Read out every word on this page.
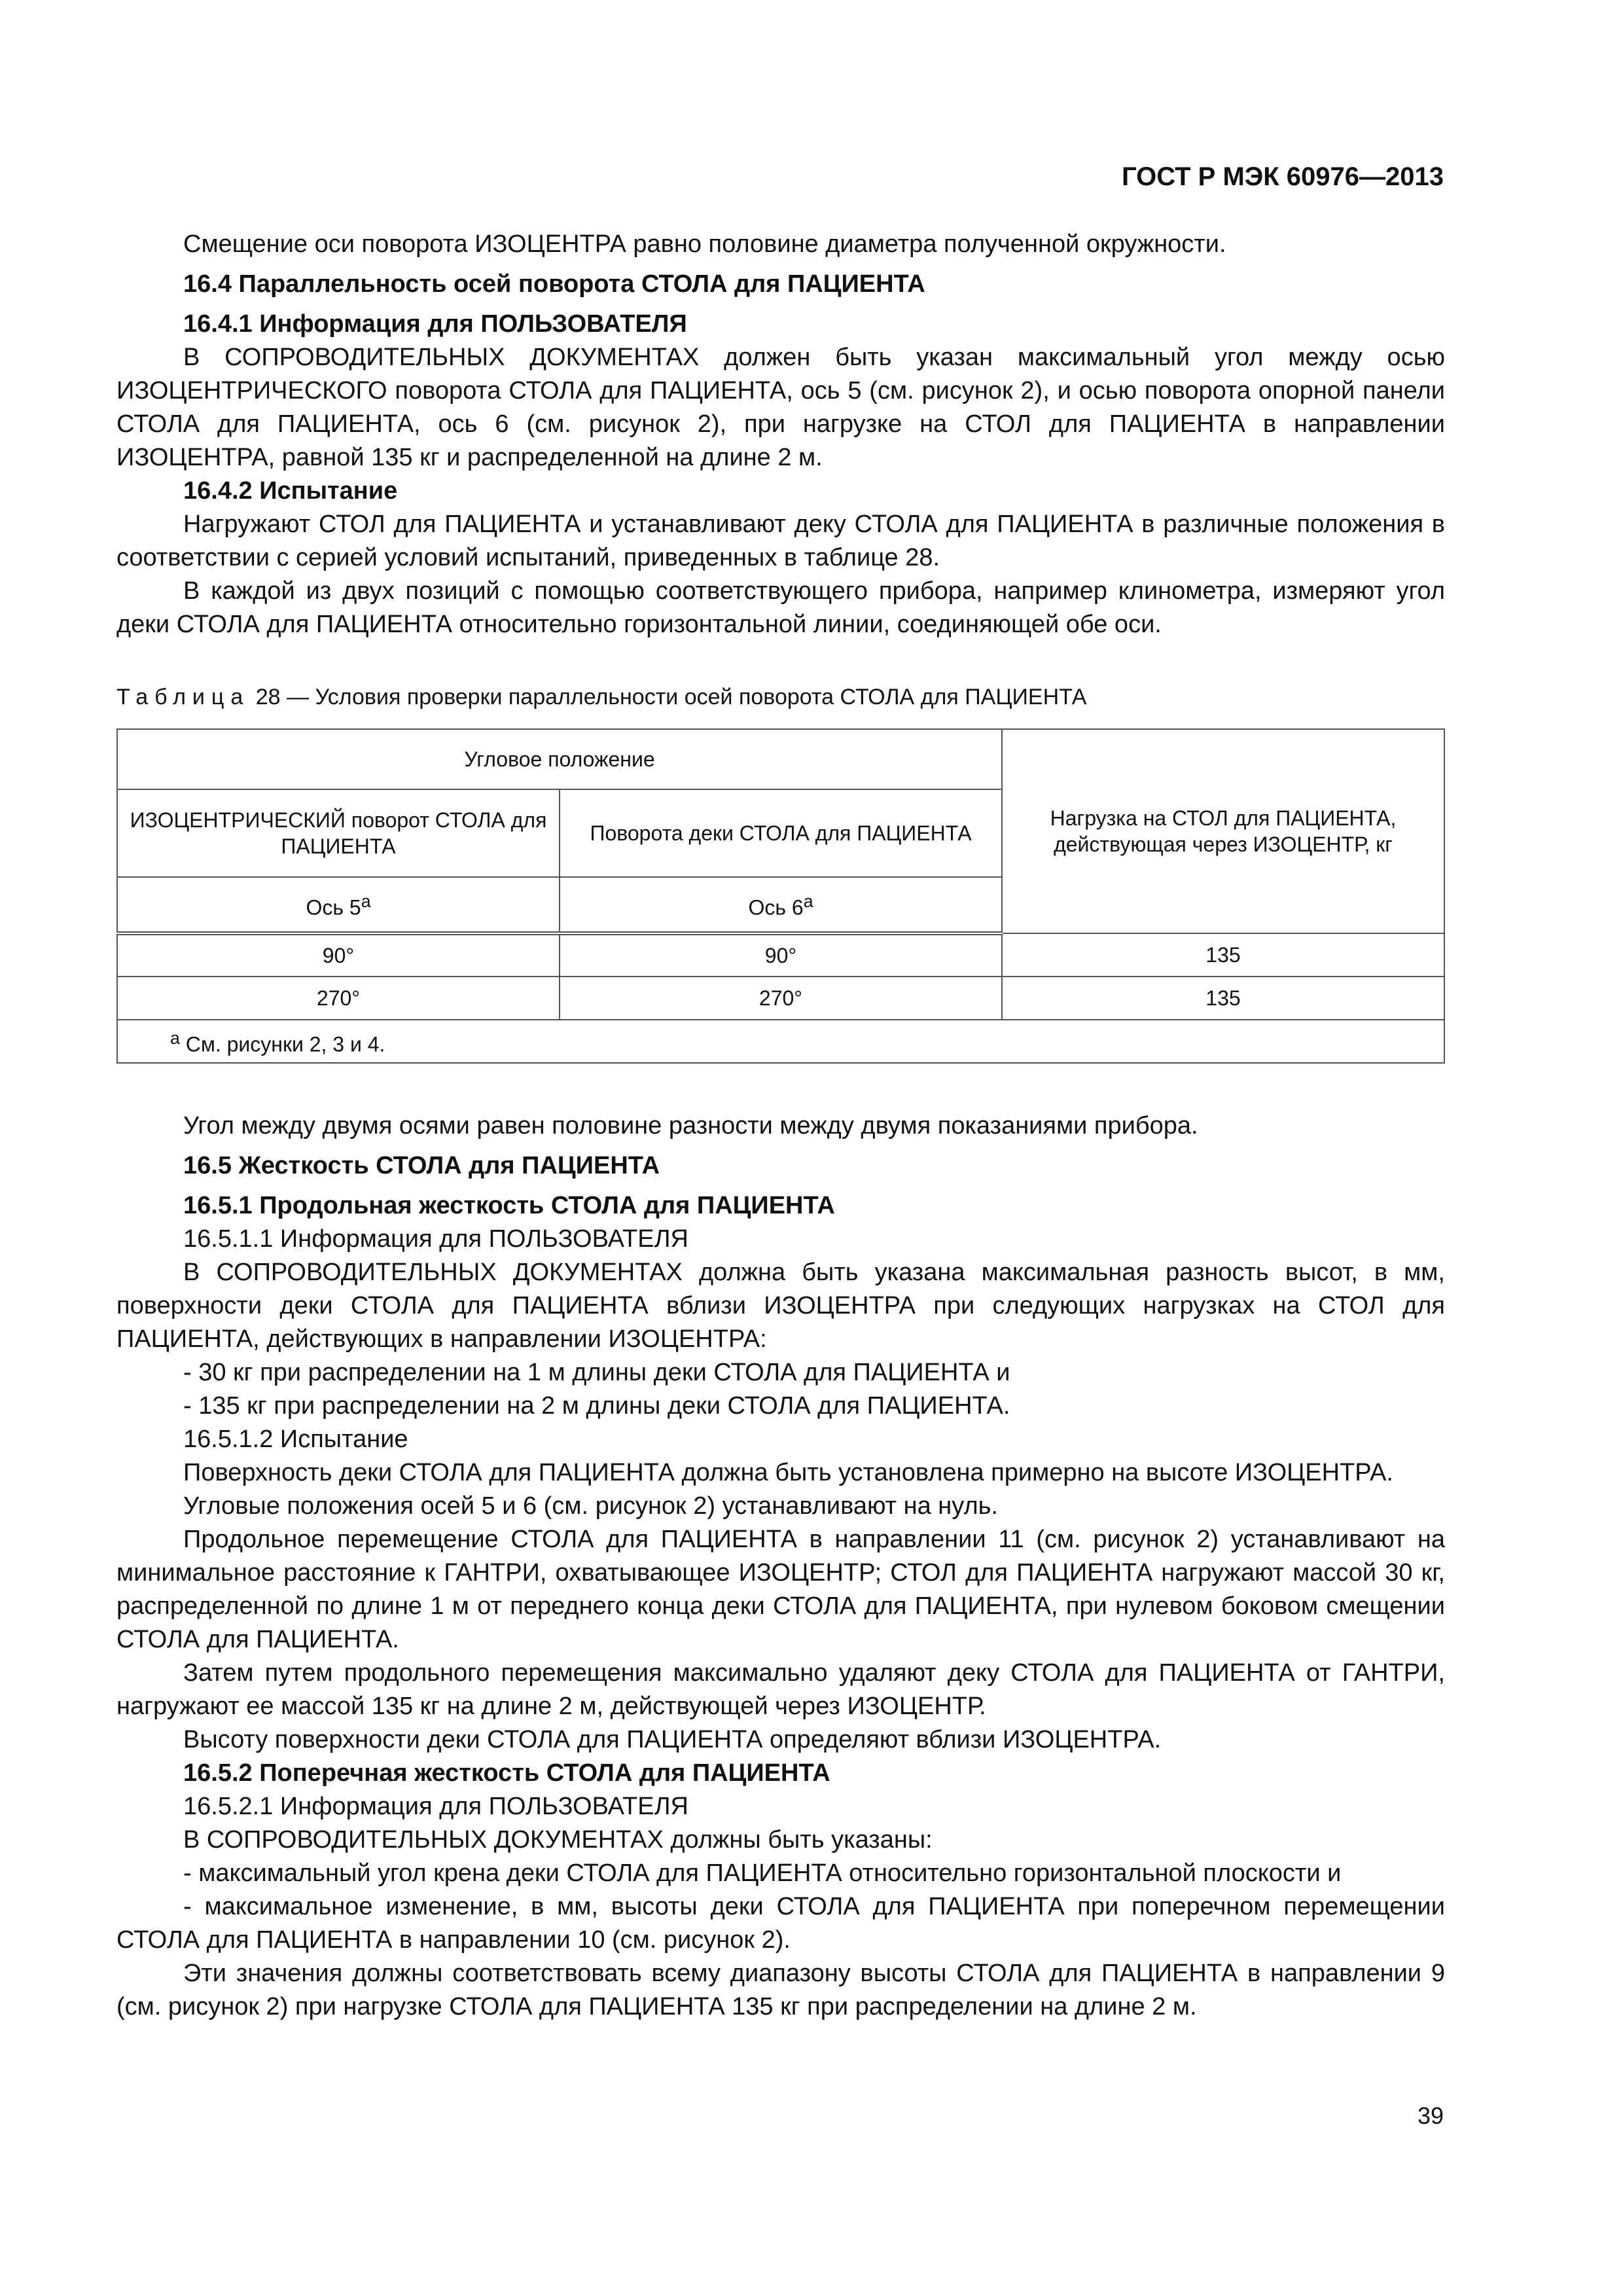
ГОСТ Р МЭК 60976—2013

Смещение оси поворота ИЗОЦЕНТРА равно половине диаметра полученной окружности.

16.4 Параллельность осей поворота СТОЛА для ПАЦИЕНТА

16.4.1 Информация для ПОЛЬЗОВАТЕЛЯ

В СОПРОВОДИТЕЛЬНЫХ ДОКУМЕНТАХ должен быть указан максимальный угол между осью ИЗОЦЕНТРИЧЕСКОГО поворота СТОЛА для ПАЦИЕНТА, ось 5 (см. рисунок 2), и осью поворота опорной панели СТОЛА для ПАЦИЕНТА, ось 6 (см. рисунок 2), при нагрузке на СТОЛ для ПАЦИЕНТА в направлении ИЗОЦЕНТРА, равной 135 кг и распределенной на длине 2 м.

16.4.2 Испытание

Нагружают СТОЛ для ПАЦИЕНТА и устанавливают деку СТОЛА для ПАЦИЕНТА в различные положения в соответствии с серией условий испытаний, приведенных в таблице 28.

В каждой из двух позиций с помощью соответствующего прибора, например клинометра, измеряют угол деки СТОЛА для ПАЦИЕНТА относительно горизонтальной линии, соединяющей обе оси.

Таблица 28 — Условия проверки параллельности осей поворота СТОЛА для ПАЦИЕНТА
Угловое положение		Нагрузка на СТОЛ для ПАЦИЕНТА, действующая через ИЗОЦЕНТР, кг
ИЗОЦЕНТРИЧЕСКИЙ поворот СТОЛА для ПАЦИЕНТА	Поворота деки СТОЛА для ПАЦИЕНТА	
Ось 5$^a$	Ось 6$^a$
90°	90°	135
270°	270°	135
$^a$ См. рисунки 2, 3 и 4.		

Угол между двумя осями равен половине разности между двумя показаниями прибора.

16.5 Жесткость СТОЛА для ПАЦИЕНТА

16.5.1 Продольная жесткость СТОЛА для ПАЦИЕНТА

16.5.1.1 Информация для ПОЛЬЗОВАТЕЛЯ

В СОПРОВОДИТЕЛЬНЫХ ДОКУМЕНТАХ должна быть указана максимальная разность высот, в мм, поверхности деки СТОЛА для ПАЦИЕНТА вблизи ИЗОЦЕНТРА при следующих нагрузках на СТОЛ для ПАЦИЕНТА, действующих в направлении ИЗОЦЕНТРА:

- 30 кг при распределении на 1 м длины деки СТОЛА для ПАЦИЕНТА и

- 135 кг при распределении на 2 м длины деки СТОЛА для ПАЦИЕНТА.

16.5.1.2 Испытание

Поверхность деки СТОЛА для ПАЦИЕНТА должна быть установлена примерно на высоте ИЗОЦЕНТРА.

Угловые положения осей 5 и 6 (см. рисунок 2) устанавливают на нуль.

Продольное перемещение СТОЛА для ПАЦИЕНТА в направлении 11 (см. рисунок 2) устанавливают на минимальное расстояние к ГАНТРИ, охватывающее ИЗОЦЕНТР; СТОЛ для ПАЦИЕНТА нагружают массой 30 кг, распределенной по длине 1 м от переднего конца деки СТОЛА для ПАЦИЕНТА, при нулевом боковом смещении СТОЛА для ПАЦИЕНТА.

Затем путем продольного перемещения максимально удаляют деку СТОЛА для ПАЦИЕНТА от ГАНТРИ, нагружают ее массой 135 кг на длине 2 м, действующей через ИЗОЦЕНТР.

Высоту поверхности деки СТОЛА для ПАЦИЕНТА определяют вблизи ИЗОЦЕНТРА.

16.5.2 Поперечная жесткость СТОЛА для ПАЦИЕНТА

16.5.2.1 Информация для ПОЛЬЗОВАТЕЛЯ

В СОПРОВОДИТЕЛЬНЫХ ДОКУМЕНТАХ должны быть указаны:

- максимальный угол крена деки СТОЛА для ПАЦИЕНТА относительно горизонтальной плоскости и

- максимальное изменение, в мм, высоты деки СТОЛА для ПАЦИЕНТА при поперечном перемещении СТОЛА для ПАЦИЕНТА в направлении 10 (см. рисунок 2).

Эти значения должны соответствовать всему диапазону высоты СТОЛА для ПАЦИЕНТА в направлении 9 (см. рисунок 2) при нагрузке СТОЛА для ПАЦИЕНТА 135 кг при распределении на длине 2 м.

39
